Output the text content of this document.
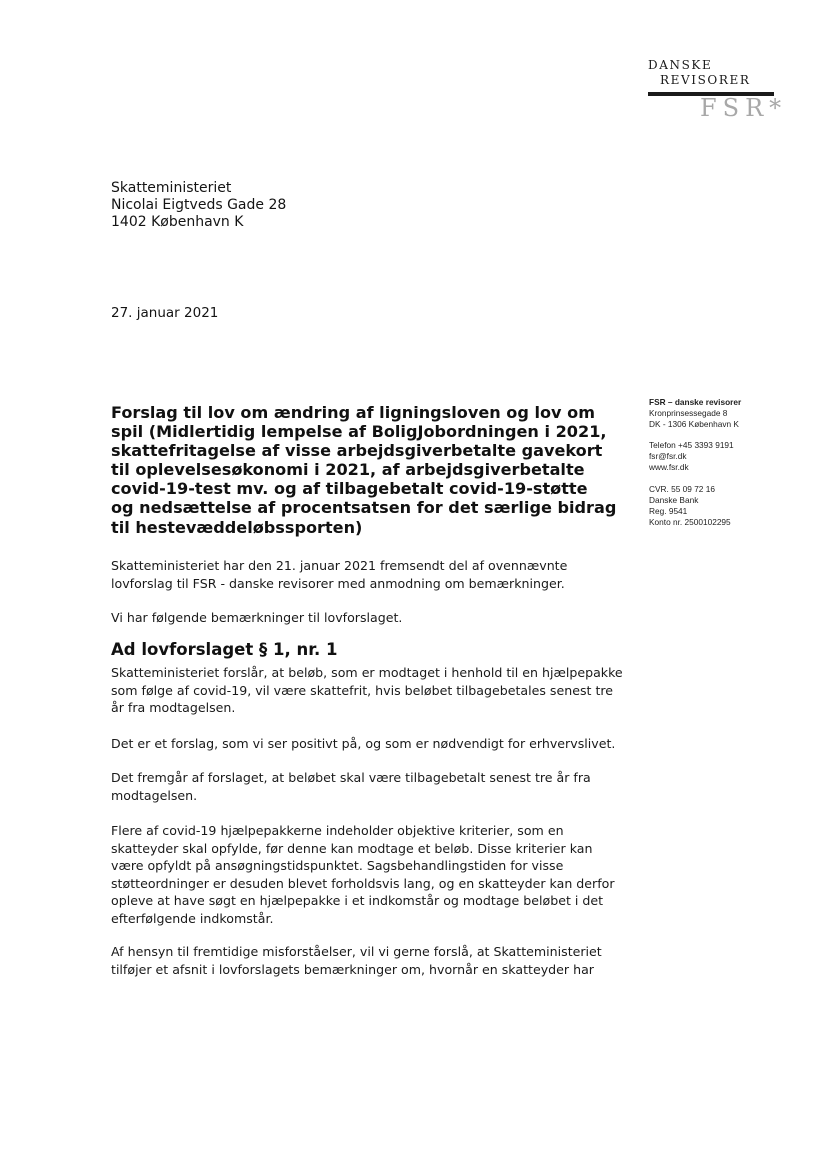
DANSKE
REVISORER
FSR*
Skatteministeriet
Nicolai Eigtveds Gade 28
1402 København K
27. januar 2021
FSR – danske revisorer
Kronprinsessegade 8
DK - 1306 København K
Telefon +45 3393 9191
fsr@fsr.dk
www.fsr.dk
CVR. 55 09 72 16
Danske Bank
Reg. 9541
Konto nr. 2500102295
Forslag til lov om ændring af ligningsloven og lov om
spil (Midlertidig lempelse af BoligJobordningen i 2021,
skattefritagelse af visse arbejdsgiverbetalte gavekort
til oplevelsesøkonomi i 2021, af arbejdsgiverbetalte
covid-19-test mv. og af tilbagebetalt covid-19-støtte
og nedsættelse af procentsatsen for det særlige bidrag
til hestevæddeløbssporten)
Skatteministeriet har den 21. januar 2021 fremsendt del af ovennævnte
lovforslag til FSR - danske revisorer med anmodning om bemærkninger.
Vi har følgende bemærkninger til lovforslaget.
Ad lovforslaget § 1, nr. 1
Skatteministeriet forslår, at beløb, som er modtaget i henhold til en hjælpepakke
som følge af covid-19, vil være skattefrit, hvis beløbet tilbagebetales senest tre
år fra modtagelsen.
Det er et forslag, som vi ser positivt på, og som er nødvendigt for erhvervslivet.
Det fremgår af forslaget, at beløbet skal være tilbagebetalt senest tre år fra
modtagelsen.
Flere af covid-19 hjælpepakkerne indeholder objektive kriterier, som en
skatteyder skal opfylde, før denne kan modtage et beløb. Disse kriterier kan
være opfyldt på ansøgningstidspunktet. Sagsbehandlingstiden for visse
støtteordninger er desuden blevet forholdsvis lang, og en skatteyder kan derfor
opleve at have søgt en hjælpepakke i et indkomstår og modtage beløbet i det
efterfølgende indkomstår.
Af hensyn til fremtidige misforståelser, vil vi gerne forslå, at Skatteministeriet
tilføjer et afsnit i lovforslagets bemærkninger om, hvornår en skatteyder har
